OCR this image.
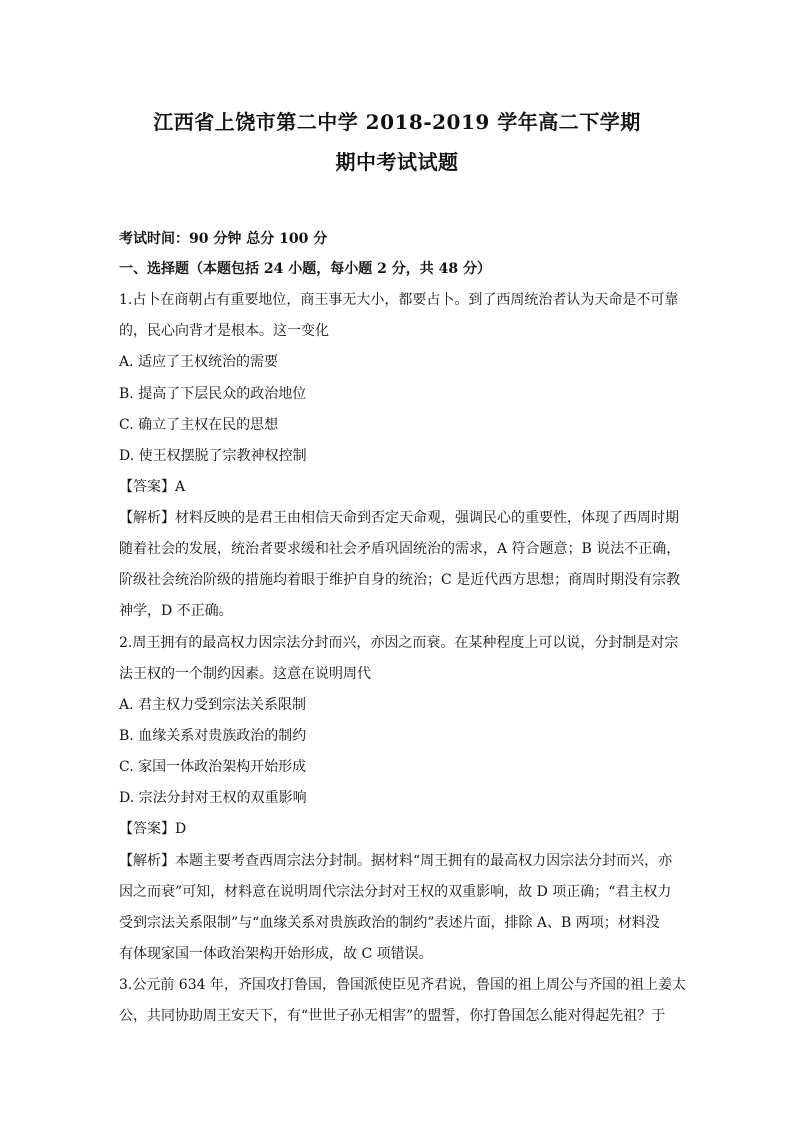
江西省上饶市第二中学 2018-2019 学年高二下学期
期中考试试题
考试时间：90 分钟 总分 100 分
一、选择题（本题包括 24 小题，每小题 2 分，共 48 分）
1.占卜在商朝占有重要地位，商王事无大小，都要占卜。到了西周统治者认为天命是不可靠
的，民心向背才是根本。这一变化
A. 适应了王权统治的需要
B. 提高了下层民众的政治地位
C. 确立了主权在民的思想
D. 使王权摆脱了宗教神权控制
【答案】A
【解析】材料反映的是君王由相信天命到否定天命观，强调民心的重要性，体现了西周时期
随着社会的发展，统治者要求缓和社会矛盾巩固统治的需求，A 符合题意；B 说法不正确，
阶级社会统治阶级的措施均着眼于维护自身的统治；C 是近代西方思想；商周时期没有宗教
神学，D 不正确。
2.周王拥有的最高权力因宗法分封而兴，亦因之而衰。在某种程度上可以说，分封制是对宗
法王权的一个制约因素。这意在说明周代
A. 君主权力受到宗法关系限制
B. 血缘关系对贵族政治的制约
C. 家国一体政治架构开始形成
D. 宗法分封对王权的双重影响
【答案】D
【解析】本题主要考查西周宗法分封制。据材料“周王拥有的最高权力因宗法分封而兴，亦
因之而衰”可知，材料意在说明周代宗法分封对王权的双重影响，故 D 项正确；“君主权力
受到宗法关系限制”与“血缘关系对贵族政治的制约”表述片面，排除 A、B 两项；材料没
有体现家国一体政治架构开始形成，故 C 项错误。
3.公元前 634 年，齐国攻打鲁国，鲁国派使臣见齐君说，鲁国的祖上周公与齐国的祖上姜太
公，共同协助周王安天下，有“世世子孙无相害”的盟誓，你打鲁国怎么能对得起先祖？于
